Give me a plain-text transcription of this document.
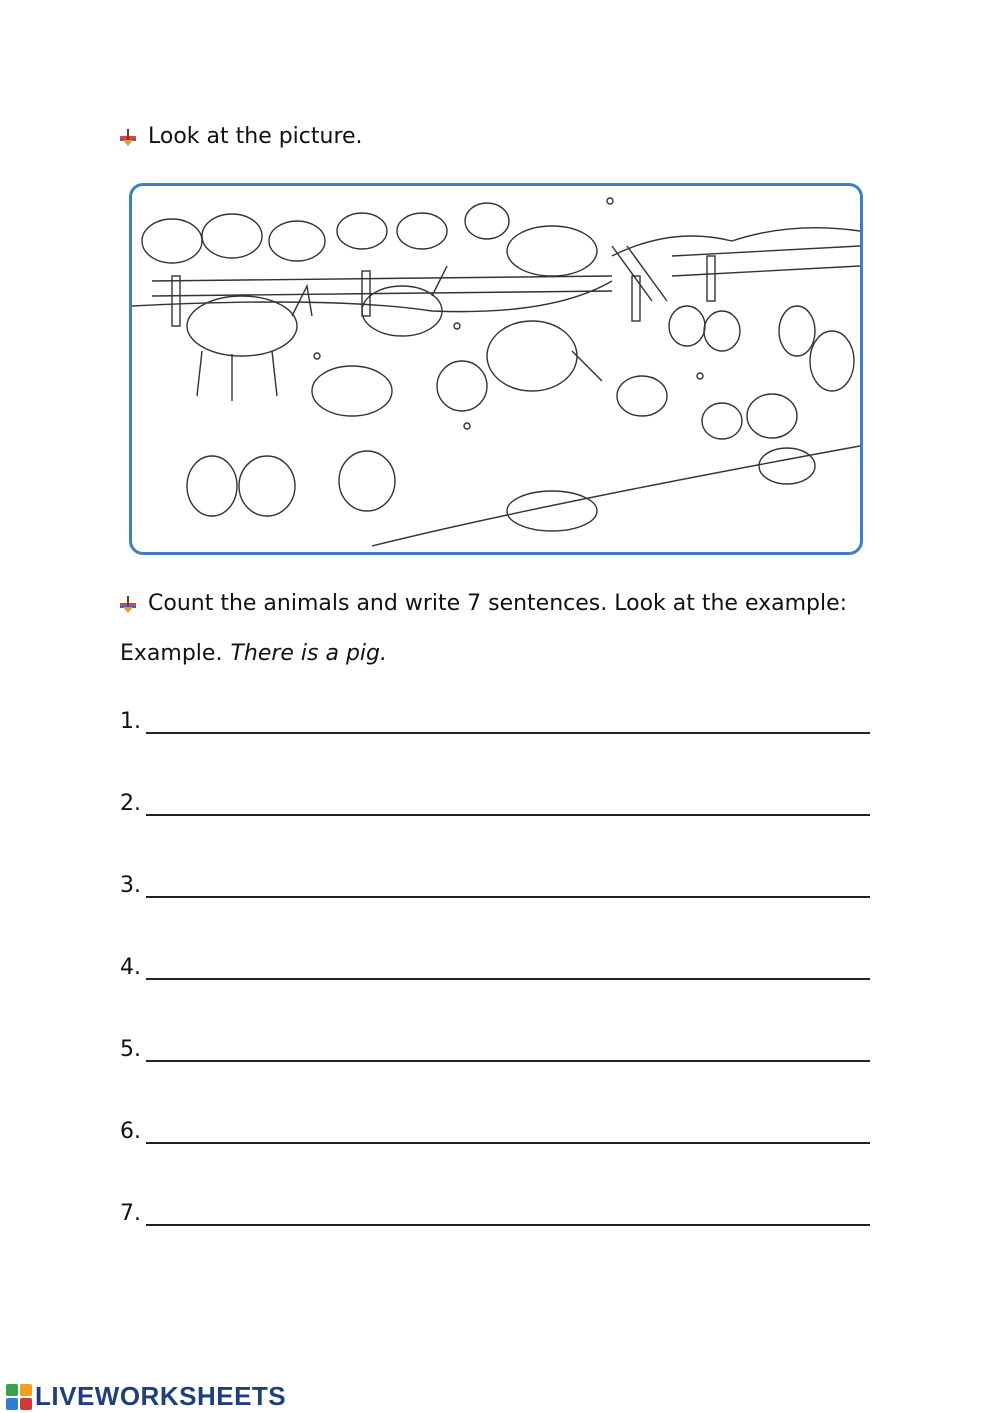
Look at the picture.
Count the animals and write 7 sentences. Look at the example:
Example. There is a pig.
1.
2.
3.
4.
5.
6.
7.
LIVEWORKSHEETS
